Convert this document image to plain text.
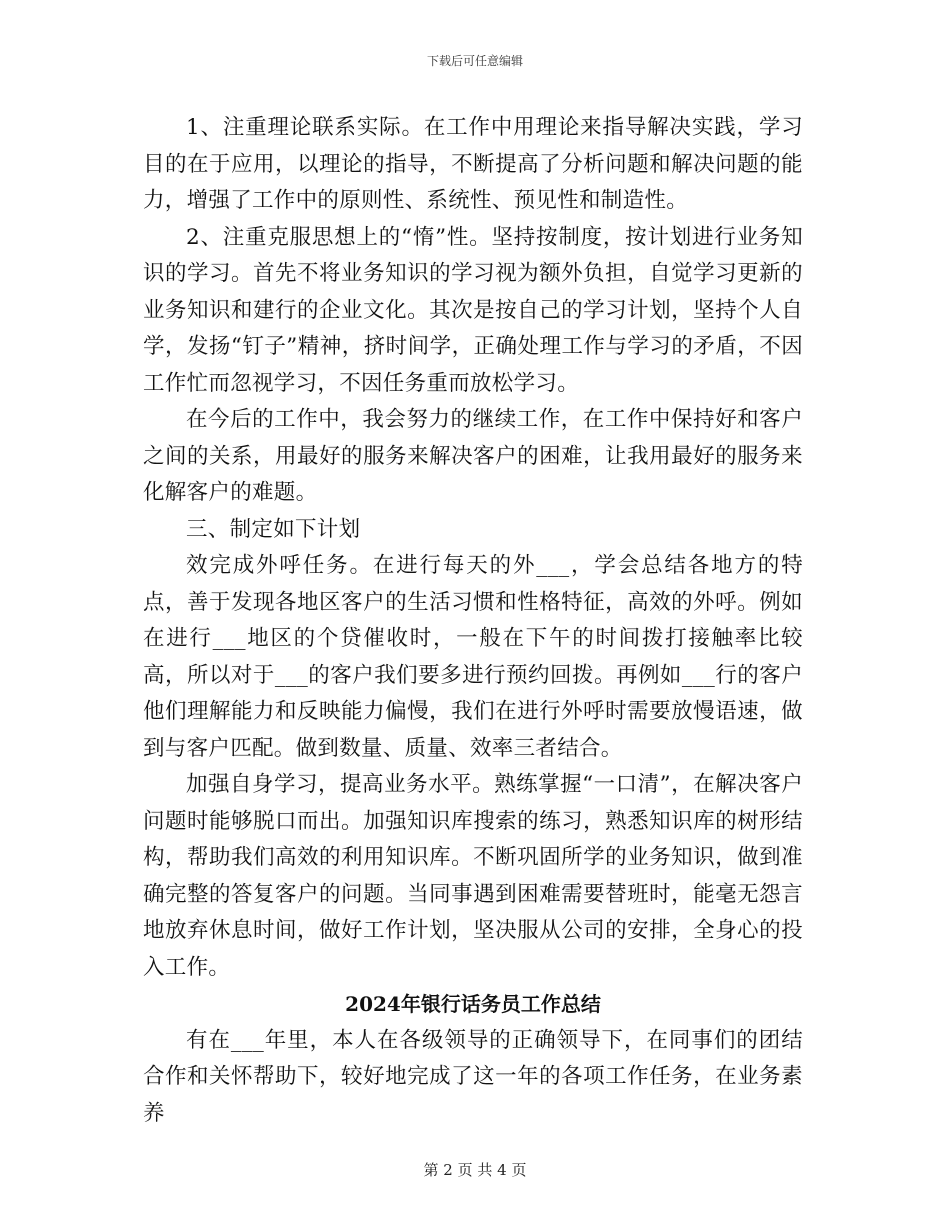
下载后可任意编辑

1、注重理论联系实际。在工作中用理论来指导解决实践，学习目的在于应用，以理论的指导，不断提高了分析问题和解决问题的能力，增强了工作中的原则性、系统性、预见性和制造性。

2、注重克服思想上的“惰”性。坚持按制度，按计划进行业务知识的学习。首先不将业务知识的学习视为额外负担，自觉学习更新的业务知识和建行的企业文化。其次是按自己的学习计划，坚持个人自学，发扬“钉子”精神，挤时间学，正确处理工作与学习的矛盾，不因工作忙而忽视学习，不因任务重而放松学习。

在今后的工作中，我会努力的继续工作，在工作中保持好和客户之间的关系，用最好的服务来解决客户的困难，让我用最好的服务来化解客户的难题。

三、制定如下计划

效完成外呼任务。在进行每天的外___，学会总结各地方的特点，善于发现各地区客户的生活习惯和性格特征，高效的外呼。例如在进行___地区的个贷催收时，一般在下午的时间拨打接触率比较高，所以对于___的客户我们要多进行预约回拨。再例如___行的客户他们理解能力和反映能力偏慢，我们在进行外呼时需要放慢语速，做到与客户匹配。做到数量、质量、效率三者结合。

加强自身学习，提高业务水平。熟练掌握“一口清”，在解决客户问题时能够脱口而出。加强知识库搜索的练习，熟悉知识库的树形结构，帮助我们高效的利用知识库。不断巩固所学的业务知识，做到准确完整的答复客户的问题。当同事遇到困难需要替班时，能毫无怨言地放弃休息时间，做好工作计划，坚决服从公司的安排，全身心的投入工作。

2024年银行话务员工作总结

有在___年里，本人在各级领导的正确领导下，在同事们的团结合作和关怀帮助下，较好地完成了这一年的各项工作任务，在业务素养

第 2 页 共 4 页
